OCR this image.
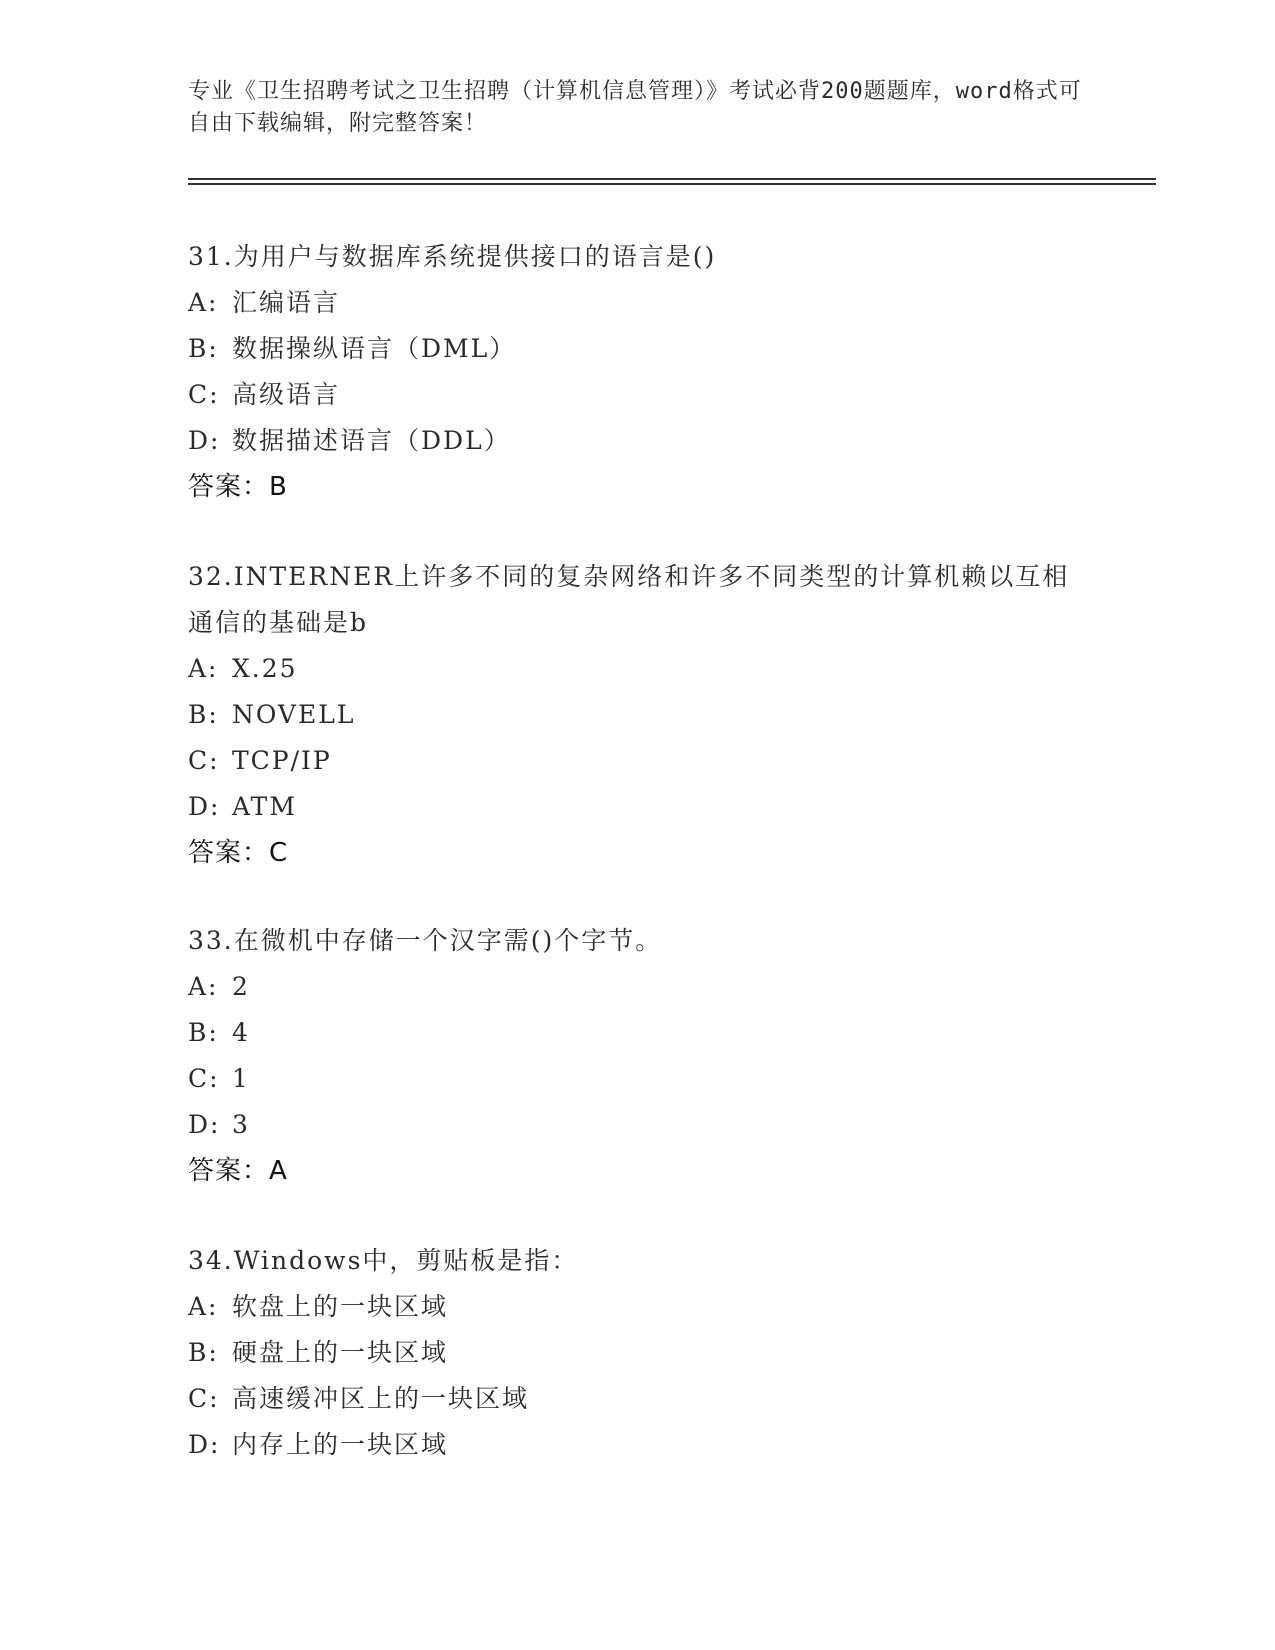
专业《卫生招聘考试之卫生招聘（计算机信息管理）》考试必背200题题库，word格式可自由下载编辑，附完整答案！

31.为用户与数据库系统提供接口的语言是()

A: 汇编语言
B: 数据操纵语言（DML）
C: 高级语言
D: 数据描述语言（DDL）
答案：B

32.INTERNER上许多不同的复杂网络和许多不同类型的计算机赖以互相通信的基础是b

A: X.25
B: NOVELL
C: TCP/IP
D: ATM
答案：C

33.在微机中存储一个汉字需()个字节。

A: 2
B: 4
C: 1
D: 3
答案：A

34.Windows中，剪贴板是指：

A: 软盘上的一块区域
B: 硬盘上的一块区域
C: 高速缓冲区上的一块区域
D: 内存上的一块区域
